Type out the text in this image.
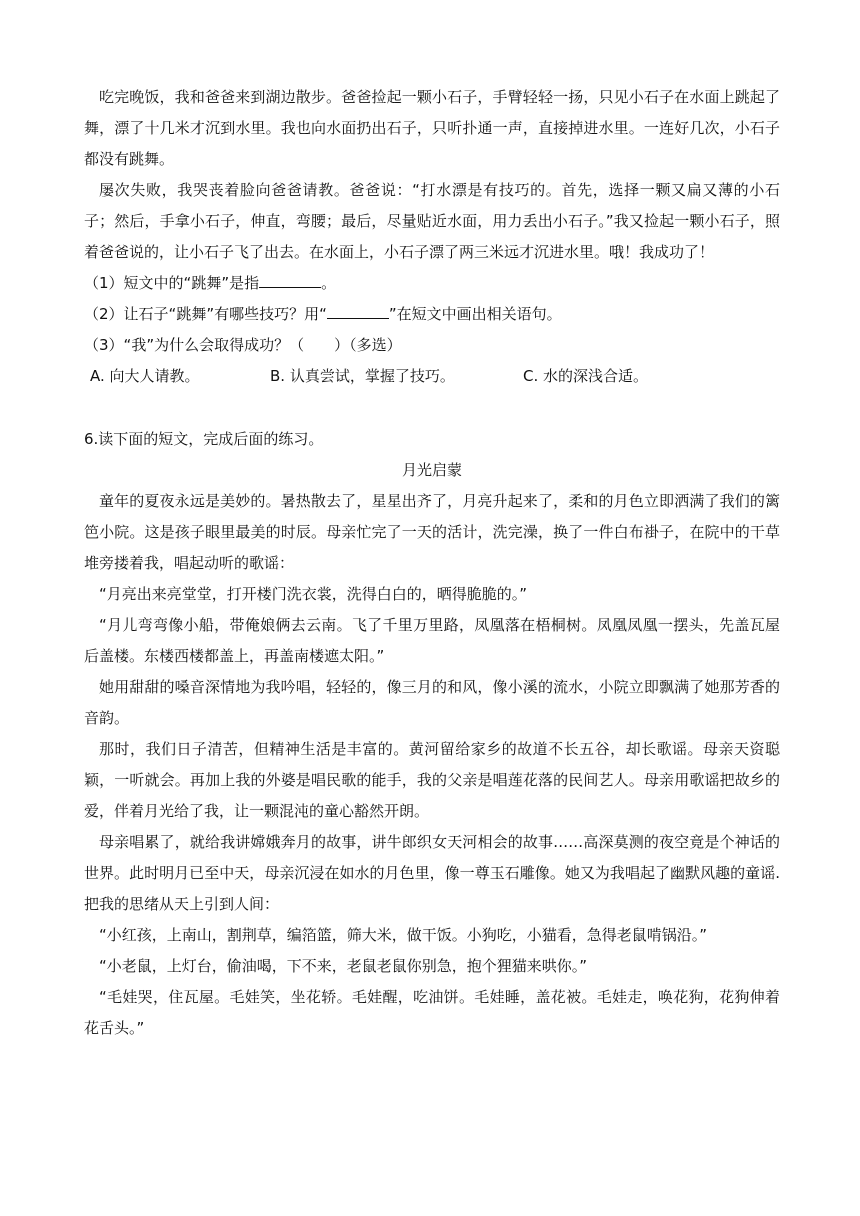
吃完晚饭，我和爸爸来到湖边散步。爸爸捡起一颗小石子，手臂轻轻一扬，只见小石子在水面上跳起了舞，漂了十几米才沉到水里。我也向水面扔出石子，只听扑通一声，直接掉进水里。一连好几次，小石子都没有跳舞。

屡次失败，我哭丧着脸向爸爸请教。爸爸说：“打水漂是有技巧的。首先，选择一颗又扁又薄的小石子；然后，手拿小石子，伸直，弯腰；最后，尽量贴近水面，用力丢出小石子。”我又捡起一颗小石子，照着爸爸说的，让小石子飞了出去。在水面上，小石子漂了两三米远才沉进水里。哦！我成功了！

（1）短文中的“跳舞”是指	。

（2）让石子“跳舞”有哪些技巧？用“	”在短文中画出相关语句。

（3）“我”为什么会取得成功？（　　）（多选）

A. 向大人请教。	B. 认真尝试，掌握了技巧。	C. 水的深浅合适。

6.读下面的短文，完成后面的练习。

月光启蒙

童年的夏夜永远是美妙的。暑热散去了，星星出齐了，月亮升起来了，柔和的月色立即洒满了我们的篱笆小院。这是孩子眼里最美的时辰。母亲忙完了一天的活计，洗完澡，换了一件白布褂子，在院中的干草堆旁搂着我，唱起动听的歌谣：

“月亮出来亮堂堂，打开楼门洗衣裳，洗得白白的，晒得脆脆的。”

“月儿弯弯像小船，带俺娘俩去云南。飞了千里万里路，凤凰落在梧桐树。凤凰凤凰一摆头，先盖瓦屋后盖楼。东楼西楼都盖上，再盖南楼遮太阳。”

她用甜甜的嗓音深情地为我吟唱，轻轻的，像三月的和风，像小溪的流水，小院立即飘满了她那芳香的音韵。

那时，我们日子清苦，但精神生活是丰富的。黄河留给家乡的故道不长五谷，却长歌谣。母亲天资聪颖，一听就会。再加上我的外婆是唱民歌的能手，我的父亲是唱莲花落的民间艺人。母亲用歌谣把故乡的爱，伴着月光给了我，让一颗混沌的童心豁然开朗。

母亲唱累了，就给我讲嫦娥奔月的故事，讲牛郎织女天河相会的故事……高深莫测的夜空竟是个神话的世界。此时明月已至中天，母亲沉浸在如水的月色里，像一尊玉石雕像。她又为我唱起了幽默风趣的童谣.把我的思绪从天上引到人间：

“小红孩，上南山，割荆草，编箔篮，筛大米，做干饭。小狗吃，小猫看，急得老鼠啃锅沿。”

“小老鼠，上灯台，偷油喝，下不来，老鼠老鼠你别急，抱个狸猫来哄你。”

“毛娃哭，住瓦屋。毛娃笑，坐花轿。毛娃醒，吃油饼。毛娃睡，盖花被。毛娃走，唤花狗，花狗伸着花舌头。”
